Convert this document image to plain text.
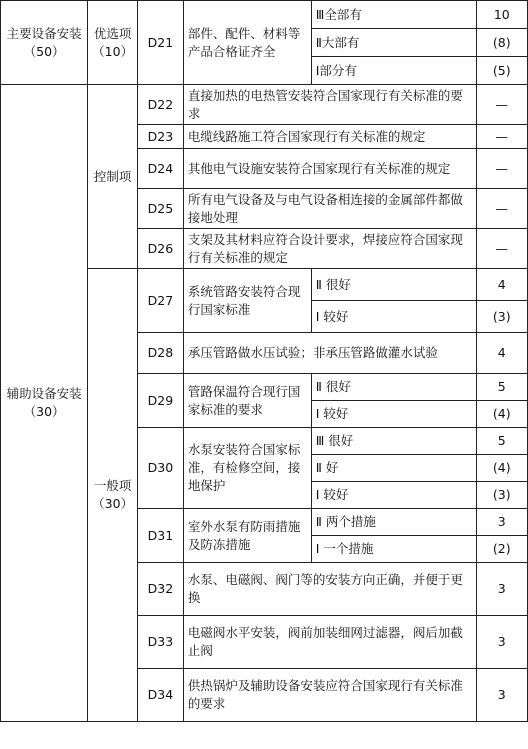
主要设备安装（50）	优选项（10）	D21	部件、配件、材料等产品合格证齐全	Ⅲ全部有	10
				Ⅱ大部有	(8)
				Ⅰ部分有	(5)
辅助设备安装（30）	控制项	D22	直接加热的电热管安装符合国家现行有关标准的要求		—
		D23	电缆线路施工符合国家现行有关标准的规定		—
		D24	其他电气设施安装符合国家现行有关标准的规定		—
		D25	所有电气设备及与电气设备相连接的金属部件都做接地处理		—
		D26	支架及其材料应符合设计要求，焊接应符合国家现行有关标准的规定		—
	一般项（30）	D27	系统管路安装符合现行国家标准	Ⅱ 很好	4
				Ⅰ 较好	(3)
		D28	承压管路做水压试验；非承压管路做灌水试验		4
		D29	管路保温符合现行国家标准的要求	Ⅱ 很好	5
				Ⅰ 较好	(4)
		D30	水泵安装符合国家标准，有检修空间，接地保护	Ⅲ 很好	5
				Ⅱ 好	(4)
				Ⅰ 较好	(3)
		D31	室外水泵有防雨措施及防冻措施	Ⅱ 两个措施	3
				Ⅰ 一个措施	(2)
		D32	水泵、电磁阀、阀门等的安装方向正确，并便于更换		3
		D33	电磁阀水平安装，阀前加装细网过滤器，阀后加截止阀		3
		D34	供热锅炉及辅助设备安装应符合国家现行有关标准的要求		3
